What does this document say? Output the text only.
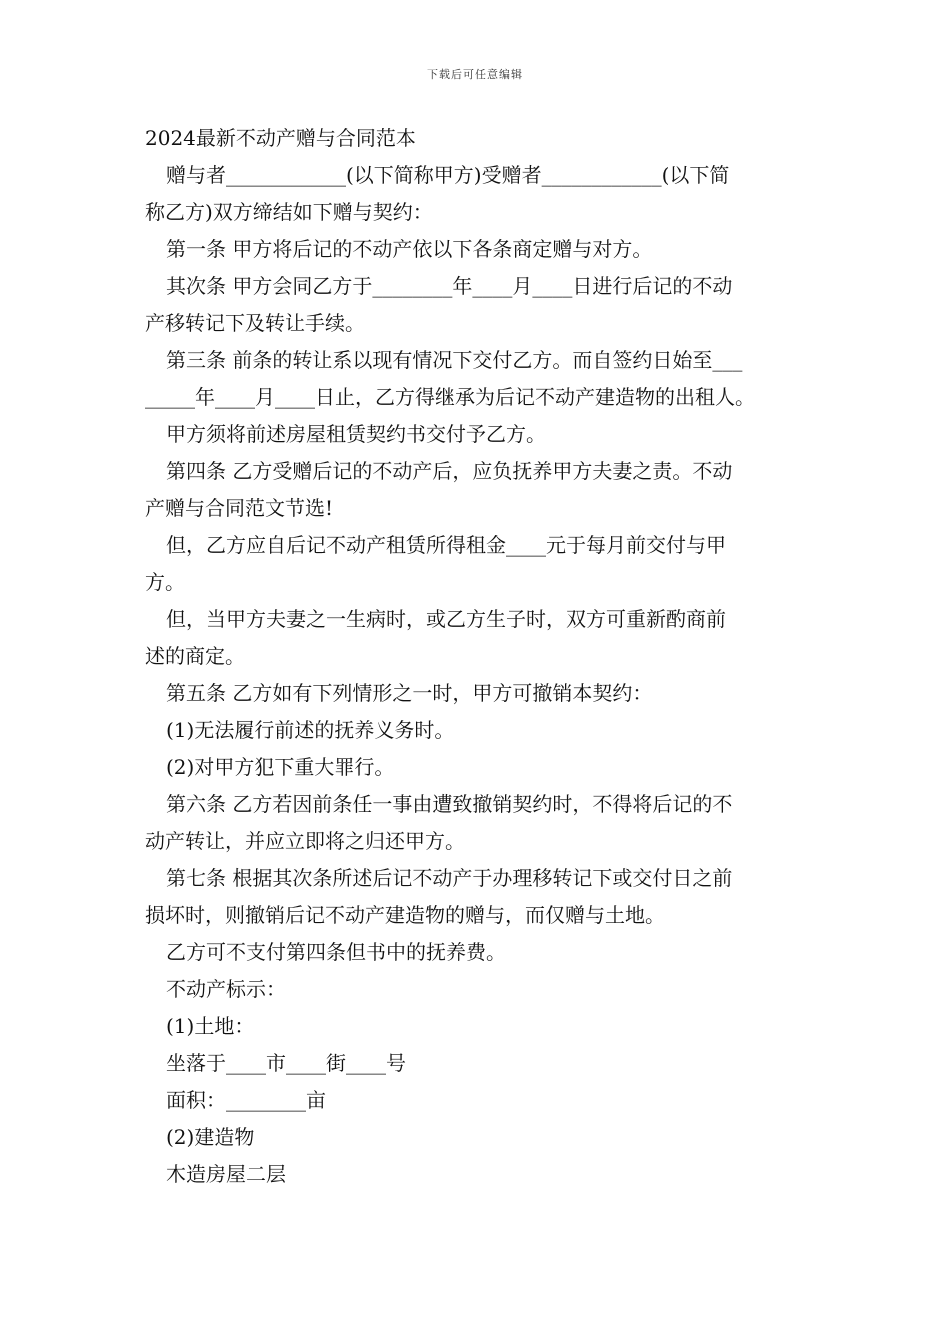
下载后可任意编辑

2024最新不动产赠与合同范本

赠与者____________(以下简称甲方)受赠者____________(以下简

称乙方)双方缔结如下赠与契约：

第一条 甲方将后记的不动产依以下各条商定赠与对方。

其次条 甲方会同乙方于________年____月____日进行后记的不动

产移转记下及转让手续。

第三条 前条的转让系以现有情况下交付乙方。而自签约日始至___

_____年____月____日止，乙方得继承为后记不动产建造物的出租人。

甲方须将前述房屋租赁契约书交付予乙方。

第四条 乙方受赠后记的不动产后，应负抚养甲方夫妻之责。不动

产赠与合同范文节选!

但，乙方应自后记不动产租赁所得租金____元于每月前交付与甲

方。

但，当甲方夫妻之一生病时，或乙方生子时，双方可重新酌商前

述的商定。

第五条 乙方如有下列情形之一时，甲方可撤销本契约：

(1)无法履行前述的抚养义务时。

(2)对甲方犯下重大罪行。

第六条 乙方若因前条任一事由遭致撤销契约时，不得将后记的不

动产转让，并应立即将之归还甲方。

第七条 根据其次条所述后记不动产于办理移转记下或交付日之前

损坏时，则撤销后记不动产建造物的赠与，而仅赠与土地。

乙方可不支付第四条但书中的抚养费。

不动产标示：

(1)土地：

坐落于____市____街____号

面积：________亩

(2)建造物

木造房屋二层
